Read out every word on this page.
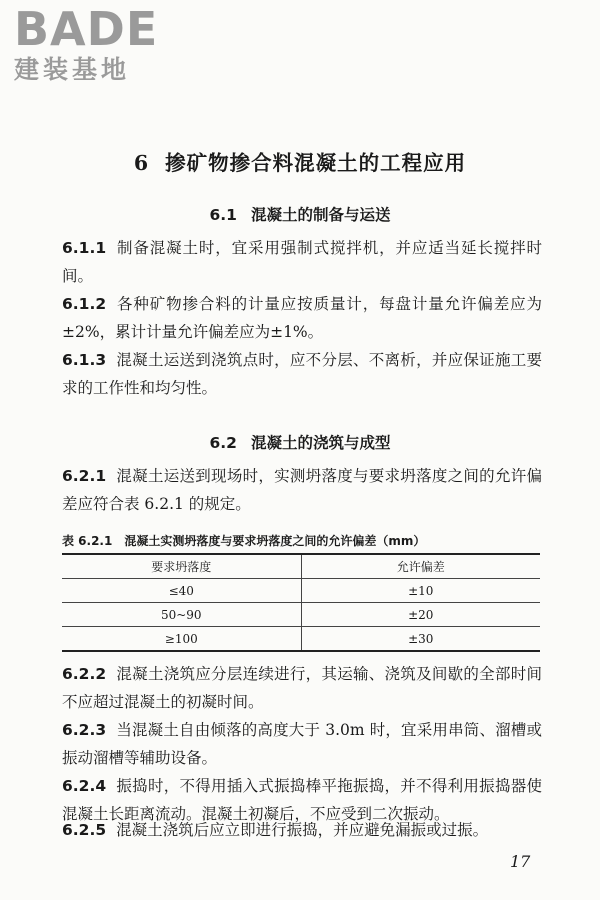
BADE
建装基地
6 掺矿物掺合料混凝土的工程应用
6.1 混凝土的制备与运送
6.1.1 制备混凝土时，宜采用强制式搅拌机，并应适当延长搅拌时间。
6.1.2 各种矿物掺合料的计量应按质量计，每盘计量允许偏差应为±2%，累计计量允许偏差应为±1%。
6.1.3 混凝土运送到浇筑点时，应不分层、不离析，并应保证施工要求的工作性和均匀性。
6.2 混凝土的浇筑与成型
6.2.1 混凝土运送到现场时，实测坍落度与要求坍落度之间的允许偏差应符合表 6.2.1 的规定。
表 6.2.1 混凝土实测坍落度与要求坍落度之间的允许偏差（mm）
要求坍落度	允许偏差
≤40	±10
50~90	±20
≥100	±30
6.2.2 混凝土浇筑应分层连续进行，其运输、浇筑及间歇的全部时间不应超过混凝土的初凝时间。
6.2.3 当混凝土自由倾落的高度大于 3.0m 时，宜采用串筒、溜槽或振动溜槽等辅助设备。
6.2.4 振捣时，不得用插入式振捣棒平拖振捣，并不得利用振捣器使混凝土长距离流动。混凝土初凝后，不应受到二次振动。
6.2.5 混凝土浇筑后应立即进行振捣，并应避免漏振或过振。
17
